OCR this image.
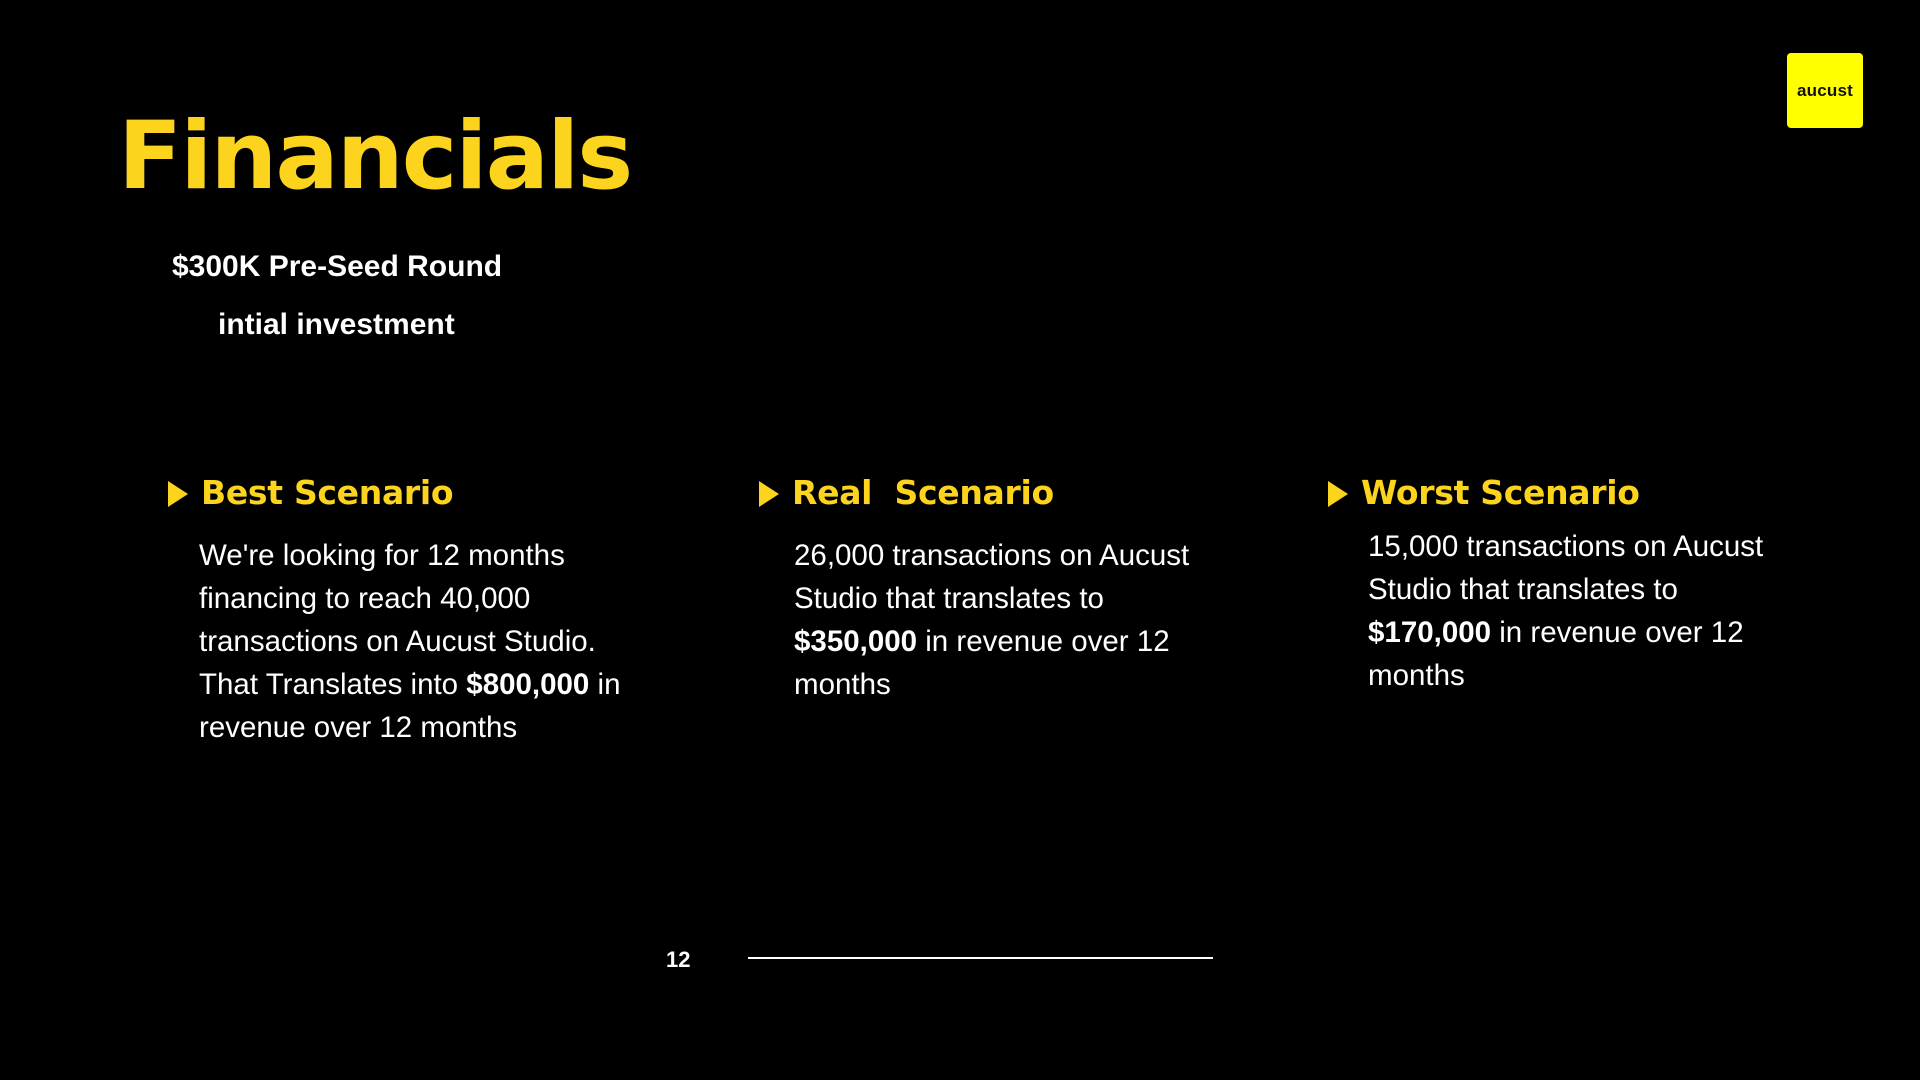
aucust
Financials
$300K Pre-Seed Round
intial investment
Best Scenario
We're looking for 12 months financing to reach 40,000 transactions on Aucust Studio. That Translates into $800,000 in revenue over 12 months
Real  Scenario
26,000 transactions on Aucust Studio that translates to $350,000 in revenue over 12 months
Worst Scenario
15,000 transactions on Aucust Studio that translates to $170,000 in revenue over 12 months
12
